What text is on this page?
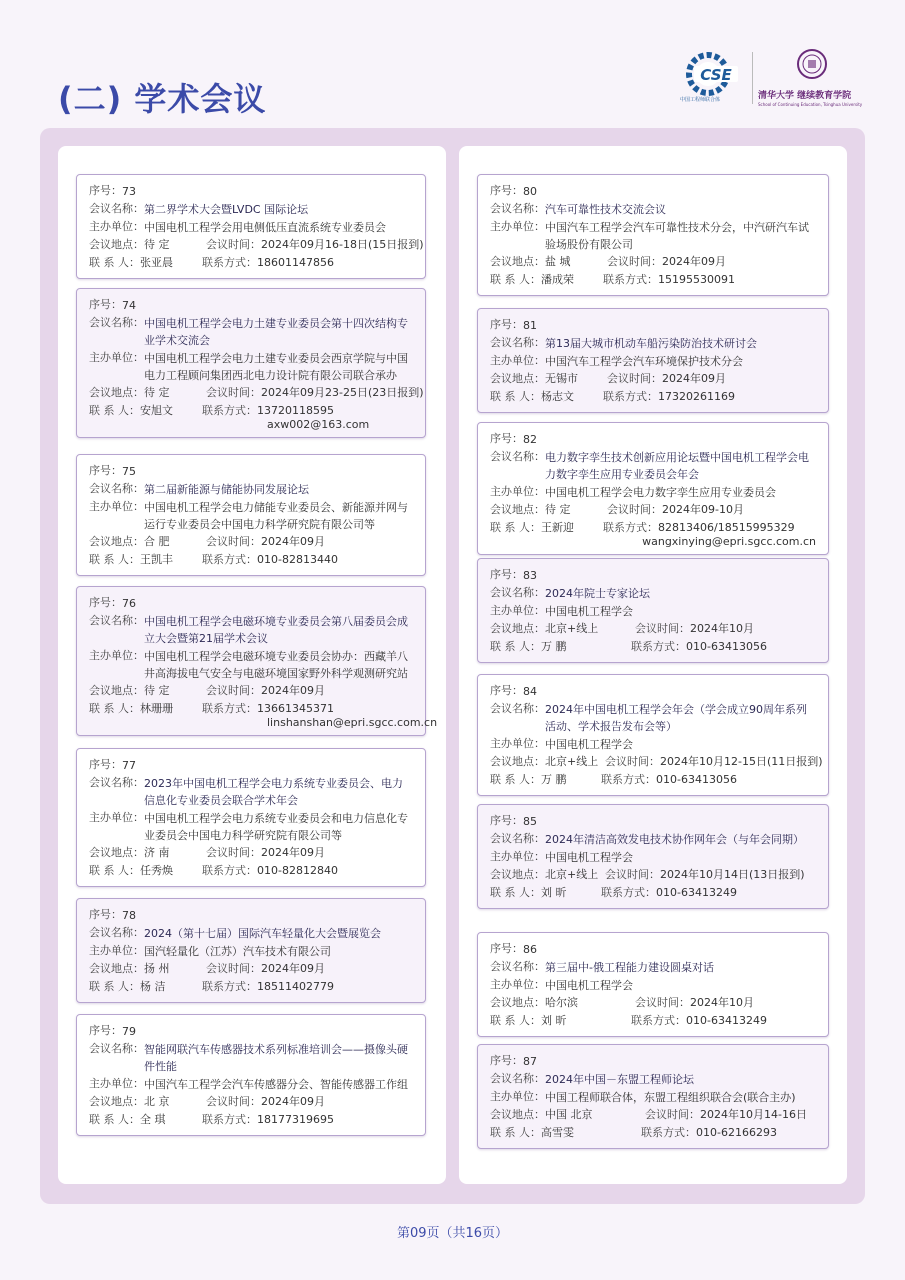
(二) 学术会议
CSE
中国工程师联合体	清华大学 继续教育学院
School of Continuing Education, Tsinghua University
序号： 73
会议名称： 第二界学术大会暨LVDC 国际论坛
主办单位： 中国电机工程学会用电侧低压直流系统专业委员会
会议地点： 待 定	会议时间： 2024年09月16-18日(15日报到)
联 系 人： 张亚晨	联系方式： 18601147856
序号： 74
会议名称： 中国电机工程学会电力土建专业委员会第十四次结构专业学术交流会
主办单位： 中国电机工程学会电力土建专业委员会西京学院与中国电力工程顾问集团西北电力设计院有限公司联合承办
会议地点： 待 定	会议时间： 2024年09月23-25日(23日报到)
联 系 人： 安旭文	联系方式： 13720118595
axw002@163.com
序号： 75
会议名称： 第二届新能源与储能协同发展论坛
主办单位： 中国电机工程学会电力储能专业委员会、新能源并网与运行专业委员会中国电力科学研究院有限公司等
会议地点： 合 肥	会议时间： 2024年09月
联 系 人： 王凯丰	联系方式： 010-82813440
序号： 76
会议名称： 中国电机工程学会电磁环境专业委员会第八届委员会成立大会暨第21届学术会议
主办单位： 中国电机工程学会电磁环境专业委员会协办：西藏羊八井高海拔电气安全与电磁环境国家野外科学观测研究站
会议地点： 待 定	会议时间： 2024年09月
联 系 人： 林珊珊	联系方式： 13661345371
linshanshan@epri.sgcc.com.cn
序号： 77
会议名称： 2023年中国电机工程学会电力系统专业委员会、电力信息化专业委员会联合学术年会
主办单位： 中国电机工程学会电力系统专业委员会和电力信息化专业委员会中国电力科学研究院有限公司等
会议地点： 济 南	会议时间： 2024年09月
联 系 人： 任秀焕	联系方式： 010-82812840
序号： 78
会议名称： 2024（第十七届）国际汽车轻量化大会暨展览会
主办单位： 国汽轻量化（江苏）汽车技术有限公司
会议地点： 扬 州	会议时间： 2024年09月
联 系 人： 杨 洁	联系方式： 18511402779
序号： 79
会议名称： 智能网联汽车传感器技术系列标准培训会——摄像头硬件性能
主办单位： 中国汽车工程学会汽车传感器分会、智能传感器工作组
会议地点： 北 京	会议时间： 2024年09月
联 系 人： 全 琪	联系方式： 18177319695
序号： 80
会议名称： 汽车可靠性技术交流会议
主办单位： 中国汽车工程学会汽车可靠性技术分会，中汽研汽车试验场股份有限公司
会议地点： 盐 城	会议时间： 2024年09月
联 系 人： 潘成荣	联系方式： 15195530091
序号： 81
会议名称： 第13届大城市机动车船污染防治技术研讨会
主办单位： 中国汽车工程学会汽车环境保护技术分会
会议地点： 无锡市	会议时间： 2024年09月
联 系 人： 杨志文	联系方式： 17320261169
序号： 82
会议名称： 电力数字孪生技术创新应用论坛暨中国电机工程学会电力数字孪生应用专业委员会年会
主办单位： 中国电机工程学会电力数字孪生应用专业委员会
会议地点： 待 定	会议时间： 2024年09-10月
联 系 人： 王新迎	联系方式： 82813406/18515995329
wangxinying@epri.sgcc.com.cn
序号： 83
会议名称： 2024年院士专家论坛
主办单位： 中国电机工程学会
会议地点： 北京+线上	会议时间： 2024年10月
联 系 人： 万 鹏	联系方式： 010-63413056
序号： 84
会议名称： 2024年中国电机工程学会年会（学会成立90周年系列活动、学术报告发布会等）
主办单位： 中国电机工程学会
会议地点： 北京+线上 会议时间： 2024年10月12-15日(11日报到)
联 系 人： 万 鹏	联系方式： 010-63413056
序号： 85
会议名称： 2024年清洁高效发电技术协作网年会（与年会同期）
主办单位： 中国电机工程学会
会议地点： 北京+线上 会议时间： 2024年10月14日(13日报到)
联 系 人： 刘 昕	联系方式： 010-63413249
序号： 86
会议名称： 第三届中-俄工程能力建设圆桌对话
主办单位： 中国电机工程学会
会议地点： 哈尔滨	会议时间： 2024年10月
联 系 人： 刘 昕	联系方式： 010-63413249
序号： 87
会议名称： 2024年中国－东盟工程师论坛
主办单位： 中国工程师联合体，东盟工程组织联合会(联合主办)
会议地点： 中国 北京	会议时间： 2024年10月14-16日
联 系 人： 高雪雯	联系方式： 010-62166293
第09页（共16页）
